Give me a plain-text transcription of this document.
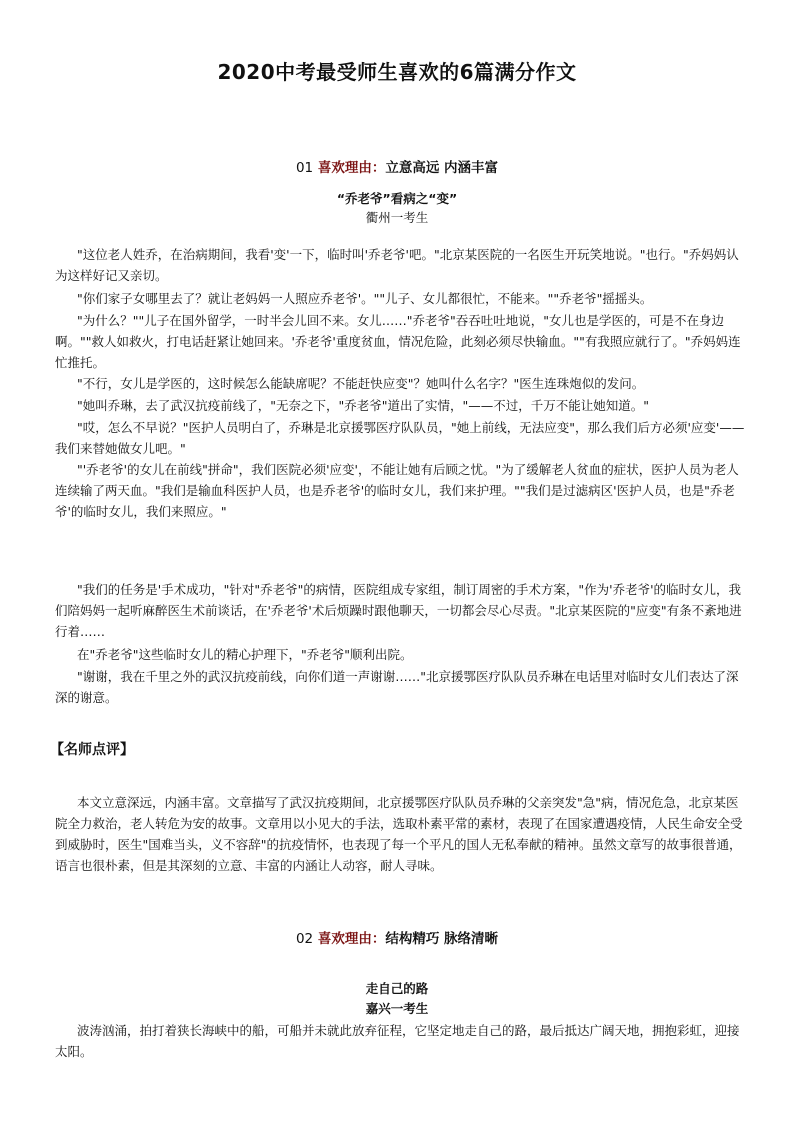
2020中考最受师生喜欢的6篇满分作文
01 喜欢理由：立意高远 内涵丰富
“乔老爷”看病之“变”
衢州一考生

"这位老人姓乔，在治病期间，我看'变'一下，临时叫'乔老爷'吧。"北京某医院的一名医生开玩笑地说。"也行。"乔妈妈认为这样好记又亲切。

"你们家子女哪里去了？就让老妈妈一人照应乔老爷'。""儿子、女儿都很忙，不能来。""乔老爷"摇摇头。

"为什么？""儿子在国外留学，一时半会儿回不来。女儿……"乔老爷"吞吞吐吐地说，"女儿也是学医的，可是不在身边啊。""救人如救火，打电话赶紧让她回来。'乔老爷'重度贫血，情况危险，此刻必须尽快输血。""有我照应就行了。"乔妈妈连忙推托。

"不行，女儿是学医的，这时候怎么能缺席呢？不能赶快应变"？她叫什么名字？"医生连珠炮似的发问。

"她叫乔琳，去了武汉抗疫前线了，"无奈之下，"乔老爷"道出了实情，"——不过，千万不能让她知道。"

"哎，怎么不早说？"医护人员明白了，乔琳是北京援鄂医疗队队员，"她上前线，无法应变"，那么我们后方必须'应变'——我们来替她做女儿吧。"

"'乔老爷'的女儿在前线"拼命"，我们医院必须'应变'，不能让她有后顾之忧。"为了缓解老人贫血的症状，医护人员为老人连续输了两天血。"我们是输血科医护人员，也是乔老爷'的临时女儿，我们来护理。""我们是过滤病区'医护人员，也是"乔老爷'的临时女儿，我们来照应。"

"我们的任务是'手术成功，"针对"乔老爷"的病情，医院组成专家组，制订周密的手术方案，"作为'乔老爷'的临时女儿，我们陪妈妈一起听麻醉医生术前谈话，在'乔老爷'术后烦躁时跟他聊天，一切都会尽心尽责。"北京某医院的"应变"有条不紊地进行着……

在"乔老爷"这些临时女儿的精心护理下，"乔老爷"顺利出院。

"谢谢，我在千里之外的武汉抗疫前线，向你们道一声谢谢……"北京援鄂医疗队队员乔琳在电话里对临时女儿们表达了深深的谢意。

【名师点评】

本文立意深远，内涵丰富。文章描写了武汉抗疫期间，北京援鄂医疗队队员乔琳的父亲突发"急"病，情况危急，北京某医院全力救治，老人转危为安的故事。文章用以小见大的手法，选取朴素平常的素材，表现了在国家遭遇疫情，人民生命安全受到威胁时，医生"国难当头，义不容辞"的抗疫情怀，也表现了每一个平凡的国人无私奉献的精神。虽然文章写的故事很普通，语言也很朴素，但是其深刻的立意、丰富的内涵让人动容，耐人寻味。

02 喜欢理由：结构精巧 脉络清晰
走自己的路
嘉兴一考生

波涛汹涌，拍打着狭长海峡中的船，可船并未就此放弃征程，它坚定地走自己的路，最后抵达广阔天地，拥抱彩虹，迎接太阳。
